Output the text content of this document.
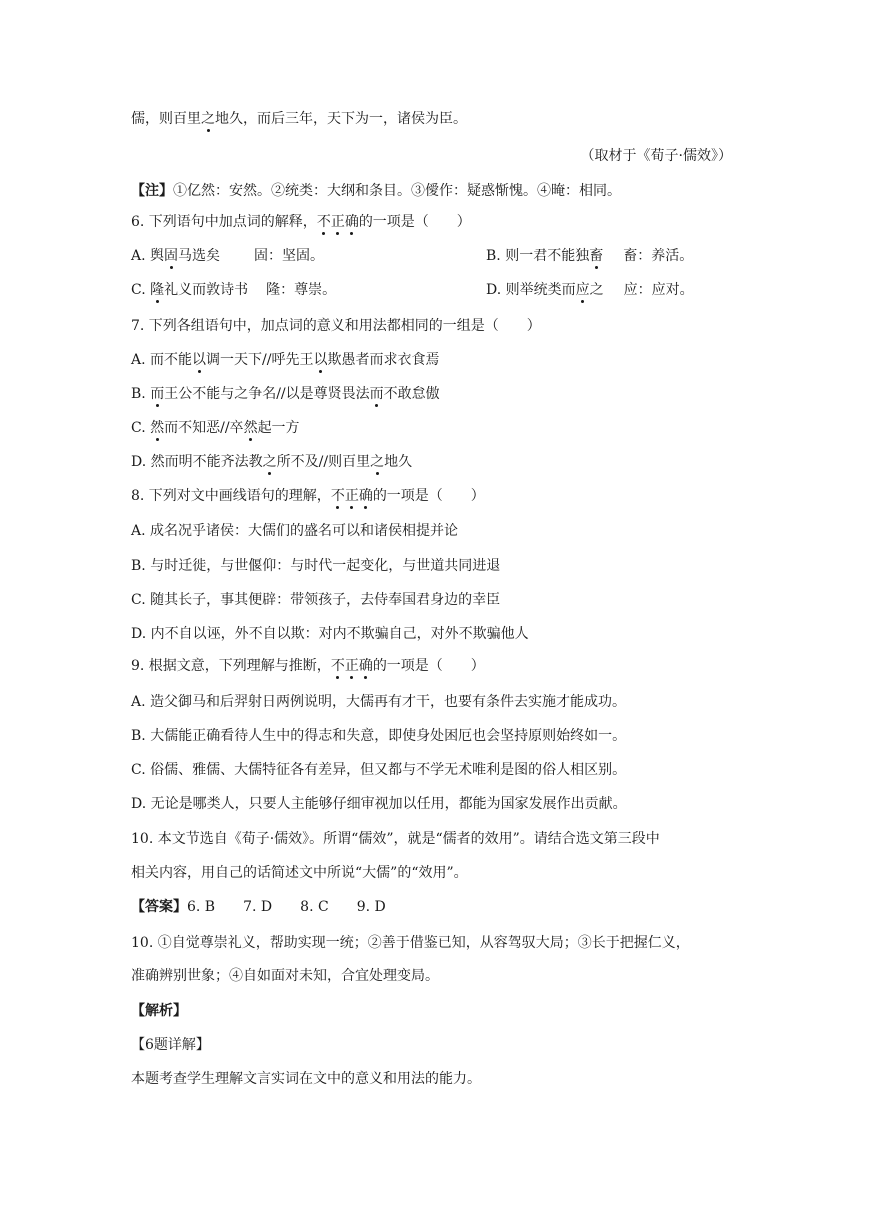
儒，则百里之地久，而后三年，天下为一，诸侯为臣。
（取材于《荀子·儒效》）
【注】①亿然：安然。②统类：大纲和条目。③僾作：疑惑惭愧。④晻：相同。
6. 下列语句中加点词的解释，不正确的一项是（　　）
A. 舆固马选矣 固：坚固。	B. 则一君不能独畜 畜：养活。
C. 隆礼义而敦诗书 隆：尊崇。	D. 则举统类而应之 应：应对。
7. 下列各组语句中，加点词的意义和用法都相同的一组是（　　）
A. 而不能以调一天下//呼先王以欺愚者而求衣食焉
B. 而王公不能与之争名//以是尊贤畏法而不敢怠傲
C. 然而不知恶//卒然起一方
D. 然而明不能齐法教之所不及//则百里之地久
8. 下列对文中画线语句的理解，不正确的一项是（　　）
A. 成名况乎诸侯：大儒们的盛名可以和诸侯相提并论
B. 与时迁徙，与世偃仰：与时代一起变化，与世道共同进退
C. 随其长子，事其便辟：带领孩子，去侍奉国君身边的幸臣
D. 内不自以诬，外不自以欺：对内不欺骗自己，对外不欺骗他人
9. 根据文意，下列理解与推断，不正确的一项是（　　）
A. 造父御马和后羿射日两例说明，大儒再有才干，也要有条件去实施才能成功。
B. 大儒能正确看待人生中的得志和失意，即使身处困厄也会坚持原则始终如一。
C. 俗儒、雅儒、大儒特征各有差异，但又都与不学无术唯利是图的俗人相区别。
D. 无论是哪类人，只要人主能够仔细审视加以任用，都能为国家发展作出贡献。
10. 本文节选自《荀子·儒效》。所谓“儒效”，就是“儒者的效用”。请结合选文第三段中
相关内容，用自己的话简述文中所说“大儒”的“效用”。
【答案】6. B 7. D 8. C 9. D
10. ①自觉尊崇礼义，帮助实现一统；②善于借鉴已知，从容驾驭大局；③长于把握仁义，
准确辨别世象；④自如面对未知，合宜处理变局。
【解析】
【6题详解】
本题考查学生理解文言实词在文中的意义和用法的能力。
